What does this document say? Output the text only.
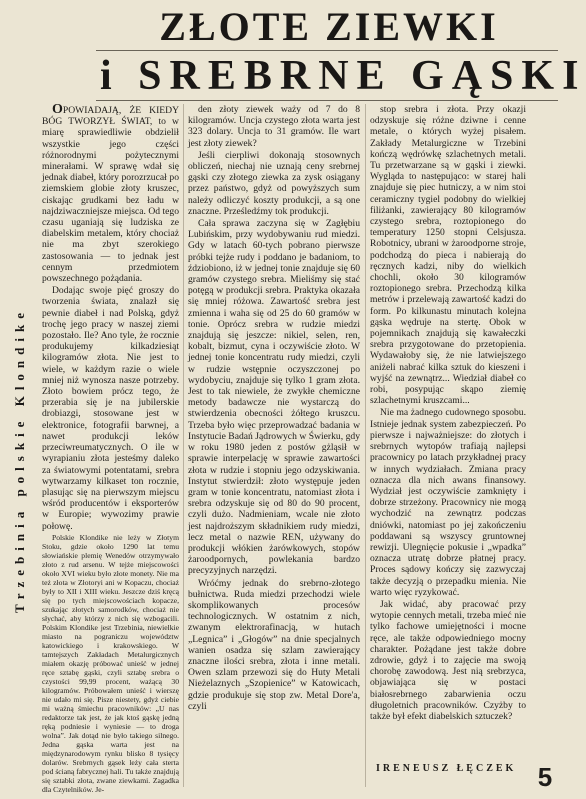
ZŁOTE ZIEWKI
i SREBRNE GĄSKI
Trzebinia polskie Klondike

OPOWIADAJĄ, ŻE KIEDY BÓG TWORZYŁ ŚWIAT, to w miarę sprawiedliwie obdzielił wszystkie jego części różnorodnymi pożytecznymi minerałami. W sprawę wdał się jednak diabeł, który porozrzucał po ziemskiem globie złoty kruszec, ciskając grudkami bez ładu w najdziwaczniejsze miejsca. Od tego czasu uganiają się ludziska ze diabelskim metalem, który chociaż nie ma zbyt szerokiego zastosowania — to jednak jest cennym przedmiotem powszechnego pożądania.

Dodając swoje pięć groszy do tworzenia świata, znalazł się pewnie diabeł i nad Polską, gdyż trochę jego pracy w naszej ziemi pozostało. Ile? Ano tyle, że rocznie produkujemy kilkadziesiąt kilogramów złota. Nie jest to wiele, w każdym razie o wiele mniej niż wynosza nasze potrzeby. Złoto bowiem prócz tego, że przerabia się je na jubilerskie drobiazgi, stosowane jest w elektronice, fotografii barwnej, a nawet produkcji leków przeciwreumatycznych. O ile w wyrapianiu złota jesteśmy daleko za światowymi potentatami, srebra wytwarzamy kilkaset ton rocznie, plasując się na pierwszym miejscu wśród producentów i eksporterów w Europie; wywozimy prawie połowę.

Polskie Klondike nie leży w Złotym Stoku, gdzie około 1290 lat temu słowiańskie plemię Wenedów otrzymywało złoto z rud arsenu. W tejże miejscowości około XVI wieku było złote monety. Nie ma też złota w Złotoryi ani w Kopaczu, chociaż były to XII i XIII wieku. Jeszcze dziś kręcą się po tych miejscowościach kopacze, szukając złotych samorodków, chociaż nie słychać, aby którzy z nich się wzbogacili. Polskim Klondike jest Trzebinia, niewielkie miasto na pograniczu województw katowickiego i krakowskiego. W tamtejszych Zakładach Metalurgicznych miałem okazję próbować unieść w jednej ręce sztabę gąski, czyli sztabę srebra o czystości 99,99 procent, ważącą 30 kilogramów. Próbowałem unieść i wierszę nie udało mi się. Pisze niestety, gdyż ciebie mi ważną śmiechu pracowników: „U nas redaktorze tak jest, że jak ktoś gąskę jedną ręką podniesie i wyniesie — to droga wolna”. Jak dotąd nie było takiego silnego. Jedna gąska warta jest na międzynarodowym rynku blisko 8 tysięcy dolarów. Srebrnych gąsek leży cała sterta pod ścianą fabrycznej hali. Tu także znajdują się sztabki złota, zwane ziewkami. Zagadka dla Czytelników. Je-

den złoty ziewek waży od 7 do 8 kilogramów. Uncja czystego złota warta jest 323 dolary. Uncja to 31 gramów. Ile wart jest złoty ziewek?

Jeśli cierpliwi dokonają stosownych obliczeń, niechaj nie uznają ceny srebrnej gąski czy złotego ziewka za zysk osiągany przez państwo, gdyż od powyższych sum należy odliczyć koszty produkcji, a są one znaczne. Prześledźmy tok produkcji.

Cała sprawa zaczyna się w Zagłębiu Lubińskim, przy wydobywaniu rud miedzi. Gdy w latach 60-tych pobrano pierwsze próbki tejże rudy i poddano je badaniom, to ździobiono, iż w jednej tonie znajduje się 60 gramów czystego srebra. Mieliśmy się stać potęgą w produkcji srebra. Praktyka okazała się mniej różowa. Zawartość srebra jest zmienna i waha się od 25 do 60 gramów w tonie. Oprócz srebra w rudzie miedzi znajdują się jeszcze: nikiel, selen, ren, kobalt, bizmut, cyna i oczywiście złoto. W jednej tonie koncentratu rudy miedzi, czyli w rudzie wstępnie oczyszczonej po wydobyciu, znajduje się tylko 1 gram złota. Jest to tak niewiele, że zwykłe chemiczne metody badawcze nie wystarczą do stwierdzenia obecności żółtego kruszcu. Trzeba było więc przeprowadzać badania w Instytucie Badań Jądrowych w Świerku, gdy w roku 1980 jeden z postów gżląsił w sprawie interpelację w sprawie zawartości złota w rudzie i stopniu jego odzyskiwania. Instytut stwierdził: złoto występuje jeden gram w tonie koncentratu, natomiast złota i srebra odzyskuje się od 80 do 90 procent, czyli dużo. Nadmieniam, wcale nie złoto jest najdroższym składnikiem rudy miedzi, lecz metal o nazwie REN, używany do produkcji włókien żarówkowych, stopów żaroodpornych, powlekania bardzo precyzyjnych narzędzi.

Wróćmy jednak do srebrno-złotego bułnictwa. Ruda miedzi przechodzi wiele skomplikowanych procesów technologicznych. W ostatnim z nich, zwanym elektrorafinacją, w hutach „Legnica” i „Głogów” na dnie specjalnych wanien osadza się szlam zawierający znaczne ilości srebra, złota i inne metali. Owen szlam przewozi się do Huty Metali Nieżelaznych „Szopienice” w Katowicach, gdzie produkuje się stop zw. Metal Dore'a, czyli

stop srebra i złota. Przy okazji odzyskuje się różne dziwne i cenne metale, o których wyżej pisałem. Zakłady Metalurgiczne w Trzebini kończą wędrówkę szlachetnych metali. Tu przetwarzane są w gąski i ziewki. Wygląda to następująco: w starej hali znajduje się piec hutniczy, a w nim stoi ceramiczny tygiel podobny do wielkiej filiżanki, zawierający 80 kilogramów czystego srebra, roztopionego do temperatury 1250 stopni Celsjusza. Robotnicy, ubrani w żaroodporne stroje, podchodzą do pieca i nabierają do ręcznych kadzi, niby do wielkich chochli, około 30 kilogramów roztopionego srebra. Przechodzą kilka metrów i przelewają zawartość kadzi do form. Po kilkunastu minutach kolejna gąska wędruje na stertę. Obok w pojemnikach znajdują się kawałeczki srebra przygotowane do przetopienia. Wydawałoby się, że nie latwiejszego aniżeli nabrać kilka sztuk do kieszeni i wyjść na zewnątrz... Wiedział diabeł co robi, posypując skąpo ziemię szlachetnymi kruszcami...

Nie ma żadnego cudownego sposobu. Istnieje jednak system zabezpieczeń. Po pierwsze i najważniejsze: do złotych i srebrnych wytopów trafiają najlepsi pracownicy po latach przykładnej pracy w innych wydziałach. Zmiana pracy oznacza dla nich awans finansowy. Wydział jest oczywiście zamknięty i dobrze strzeżony. Pracownicy nie mogą wychodzić na zewnątrz podczas dniówki, natomiast po jej zakończeniu poddawani są wszyscy gruntownej rewizji. Ulegnięcie pokusie i „wpadka” oznacza utratę dobrze płatnej pracy. Proces sądowy kończy się zazwyczaj także decyzją o przepadku mienia. Nie warto więc ryzykować.

Jak widać, aby pracować przy wytopie cennych metali, trzeba mieć nie tylko fachowe umiejętności i mocne ręce, ale także odpowiedniego mocny charakter. Pożądane jest także dobre zdrowie, gdyż i to zajęcie ma swoją chorobę zawodową. Jest nią srebrzyca, objawiająca się w postaci białosrebrnego zabarwienia oczu długoletnich pracowników. Czyżby to także był efekt diabelskich sztuczek?

IRENEUSZ ŁĘCZEK 5
